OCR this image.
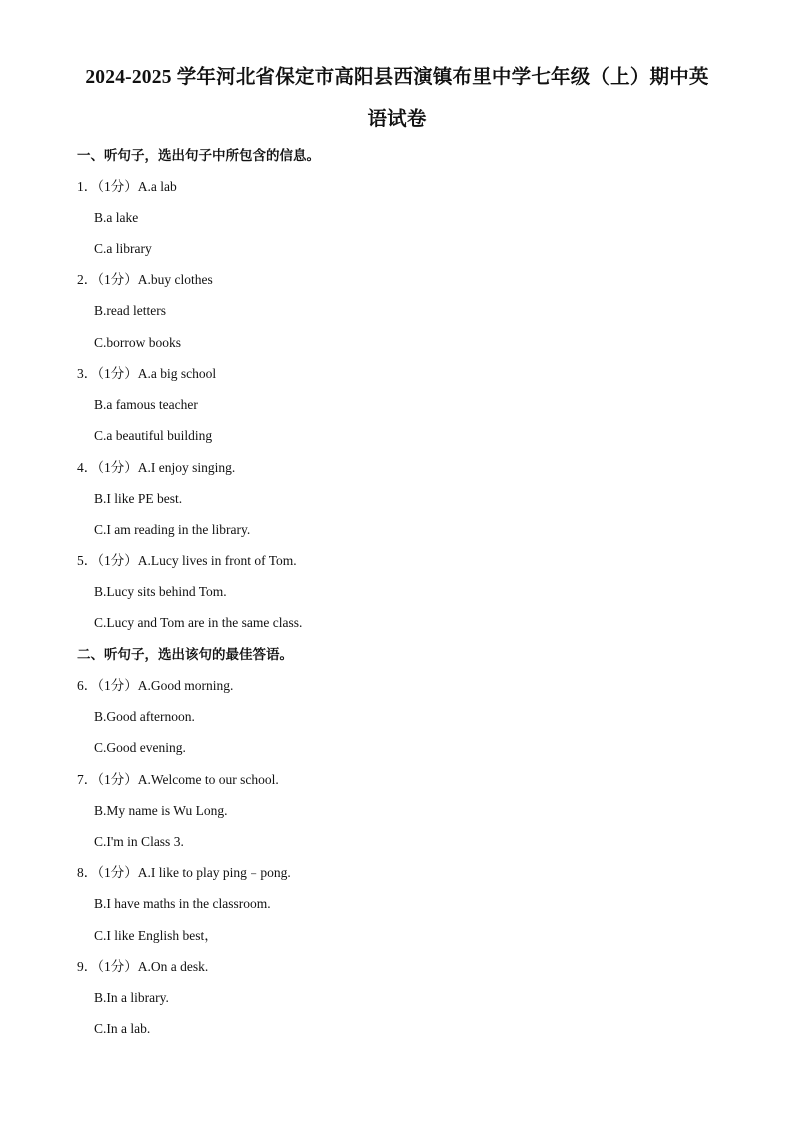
2024-2025 学年河北省保定市高阳县西演镇布里中学七年级（上）期中英
语试卷
一、听句子，选出句子中所包含的信息。
1．（1分）A.a lab
B.a lake
C.a library
2．（1分）A.buy clothes
B.read letters
C.borrow books
3．（1分）A.a big school
B.a famous teacher
C.a beautiful building
4．（1分）A.I enjoy singing.
B.I like PE best.
C.I am reading in the library.
5．（1分）A.Lucy lives in front of Tom.
B.Lucy sits behind Tom.
C.Lucy and Tom are in the same class.
二、听句子，选出该句的最佳答语。
6．（1分）A.Good morning.
B.Good afternoon.
C.Good evening.
7．（1分）A.Welcome to our school.
B.My name is Wu Long.
C.I'm in Class 3.
8．（1分）A.I like to play ping﹣pong.
B.I have maths in the classroom.
C.I like English best，
9．（1分）A.On a desk.
B.In a library.
C.In a lab.
